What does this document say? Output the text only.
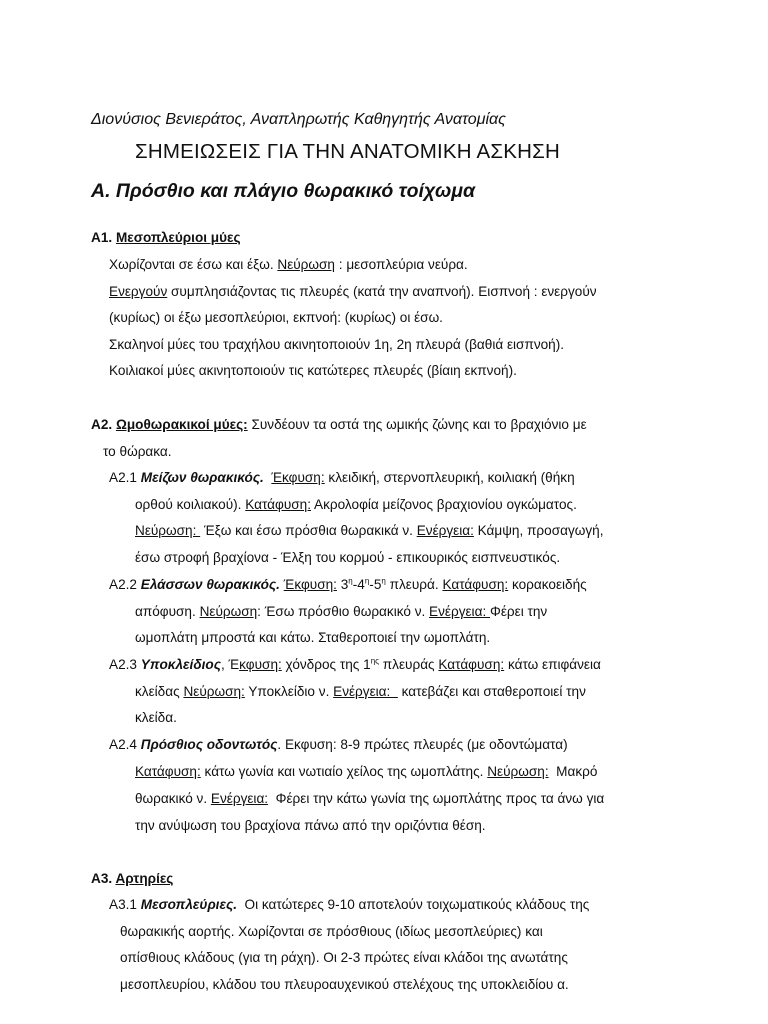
Διονύσιος Βενιεράτος, Αναπληρωτής Καθηγητής Ανατομίας
ΣΗΜΕΙΩΣΕΙΣ ΓΙΑ ΤΗΝ ΑΝΑΤΟΜΙΚΗ ΑΣΚΗΣΗ
Α. Πρόσθιο και πλάγιο θωρακικό τοίχωμα
Α1. Μεσοπλεύριοι μύες
Χωρίζονται σε έσω και έξω. Νεύρωση : μεσοπλεύρια νεύρα.
Ενεργούν συμπλησιάζοντας τις πλευρές (κατά την αναπνοή). Εισπνοή : ενεργούν
(κυρίως) οι έξω μεσοπλεύριοι, εκπνοή: (κυρίως) οι έσω.
Σκαληνοί μύες του τραχήλου ακινητοποιούν 1η, 2η πλευρά (βαθιά εισπνοή).
Κοιλιακοί μύες ακινητοποιούν τις κατώτερες πλευρές (βίαιη εκπνοή).
Α2. Ωμοθωρακικοί μύες: Συνδέουν τα οστά της ωμικής ζώνης και το βραχιόνιο με
το θώρακα.
Α2.1 Μείζων θωρακικός. Έκφυση: κλειδική, στερνοπλευρική, κοιλιακή (θήκη
ορθού κοιλιακού). Κατάφυση: Ακρολοφία μείζονος βραχιονίου ογκώματος.
Νεύρωση:  Έξω και έσω πρόσθια θωρακικά ν. Ενέργεια: Κάμψη, προσαγωγή,
έσω στροφή βραχίονα - Έλξη του κορμού - επικουρικός εισπνευστικός.
Α2.2 Ελάσσων θωρακικός. Έκφυση: $3^\eta-4^\eta-5^\eta$ πλευρά. Κατάφυση: κορακοειδής
απόφυση. Νεύρωση: Έσω πρόσθιο θωρακικό ν. Ενέργεια: Φέρει την
ωμοπλάτη μπροστά και κάτω. Σταθεροποιεί την ωμοπλάτη.
Α2.3 Υποκλείδιος, Έκφυση: χόνδρος της $1^{\eta\varsigma}$ πλευράς Κατάφυση: κάτω επιφάνεια
κλείδας Νεύρωση: Υποκλείδιο ν. Ενέργεια:   κατεβάζει και σταθεροποιεί την
κλείδα.
Α2.4 Πρόσθιος οδοντωτός. Εκφυση: 8-9 πρώτες πλευρές (με οδοντώματα)
Κατάφυση: κάτω γωνία και νωτιαίο χείλος της ωμοπλάτης. Νεύρωση:  Μακρό
θωρακικό ν. Ενέργεια:  Φέρει την κάτω γωνία της ωμοπλάτης προς τα άνω για
την ανύψωση του βραχίονα πάνω από την οριζόντια θέση.
Α3. Αρτηρίες
Α3.1 Μεσοπλεύριες.  Οι κατώτερες 9-10 αποτελούν τοιχωματικούς κλάδους της
θωρακικής αορτής. Χωρίζονται σε πρόσθιους (ιδίως μεσοπλεύριες) και
οπίσθιους κλάδους (για τη ράχη). Οι 2-3 πρώτες είναι κλάδοι της ανωτάτης
μεσοπλευρίου, κλάδου του πλευροαυχενικού στελέχους της υποκλειδίου α.
